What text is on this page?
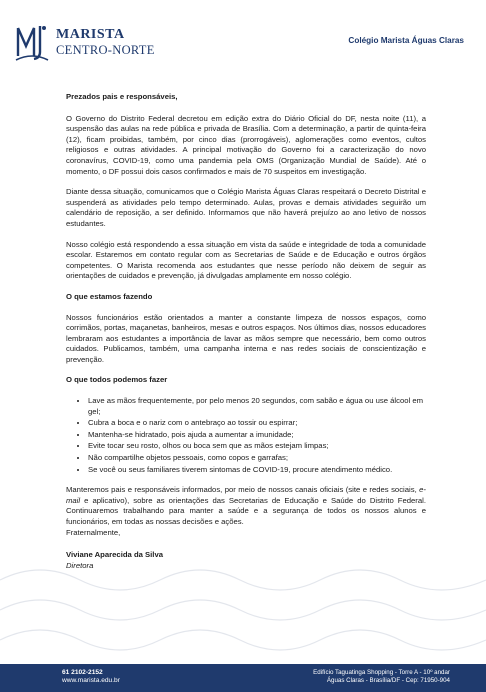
MARISTA
CENTRO-NORTE
Colégio Marista Águas Claras

Prezados pais e responsáveis,

O Governo do Distrito Federal decretou em edição extra do Diário Oficial do DF, nesta noite (11), a suspensão das aulas na rede pública e privada de Brasília. Com a determinação, a partir de quinta-feira (12), ficam proibidas, também, por cinco dias (prorrogáveis), aglomerações como eventos, cultos religiosos e outras atividades. A principal motivação do Governo foi a caracterização do novo coronavírus, COVID-19, como uma pandemia pela OMS (Organização Mundial de Saúde). Até o momento, o DF possui dois casos confirmados e mais de 70 suspeitos em investigação.

Diante dessa situação, comunicamos que o Colégio Marista Águas Claras respeitará o Decreto Distrital e suspenderá as atividades pelo tempo determinado. Aulas, provas e demais atividades seguirão um calendário de reposição, a ser definido. Informamos que não haverá prejuízo ao ano letivo de nossos estudantes.

Nosso colégio está respondendo a essa situação em vista da saúde e integridade de toda a comunidade escolar. Estaremos em contato regular com as Secretarias de Saúde e de Educação e outros órgãos competentes. O Marista recomenda aos estudantes que nesse período não deixem de seguir as orientações de cuidados e prevenção, já divulgadas amplamente em nosso colégio.

O que estamos fazendo

Nossos funcionários estão orientados a manter a constante limpeza de nossos espaços, como corrimãos, portas, maçanetas, banheiros, mesas e outros espaços. Nos últimos dias, nossos educadores lembraram aos estudantes a importância de lavar as mãos sempre que necessário, bem como outros cuidados. Publicamos, também, uma campanha interna e nas redes sociais de conscientização e prevenção.

O que todos podemos fazer

• Lave as mãos frequentemente, por pelo menos 20 segundos, com sabão e água ou use álcool em gel;
• Cubra a boca e o nariz com o antebraço ao tossir ou espirrar;
• Mantenha-se hidratado, pois ajuda a aumentar a imunidade;
• Evite tocar seu rosto, olhos ou boca sem que as mãos estejam limpas;
• Não compartilhe objetos pessoais, como copos e garrafas;
• Se você ou seus familiares tiverem sintomas de COVID-19, procure atendimento médico.

Manteremos pais e responsáveis informados, por meio de nossos canais oficiais (site e redes sociais, e-mail e aplicativo), sobre as orientações das Secretarias de Educação e Saúde do Distrito Federal. Continuaremos trabalhando para manter a saúde e a segurança de todos os nossos alunos e funcionários, em todas as nossas decisões e ações.

Fraternalmente,

Viviane Aparecida da Silva

Diretora

61 2102-2152
www.marista.edu.br
Edifício Taguatinga Shopping - Torre A - 10º andar
Águas Claras - Brasília/DF - Cep: 71950-904
